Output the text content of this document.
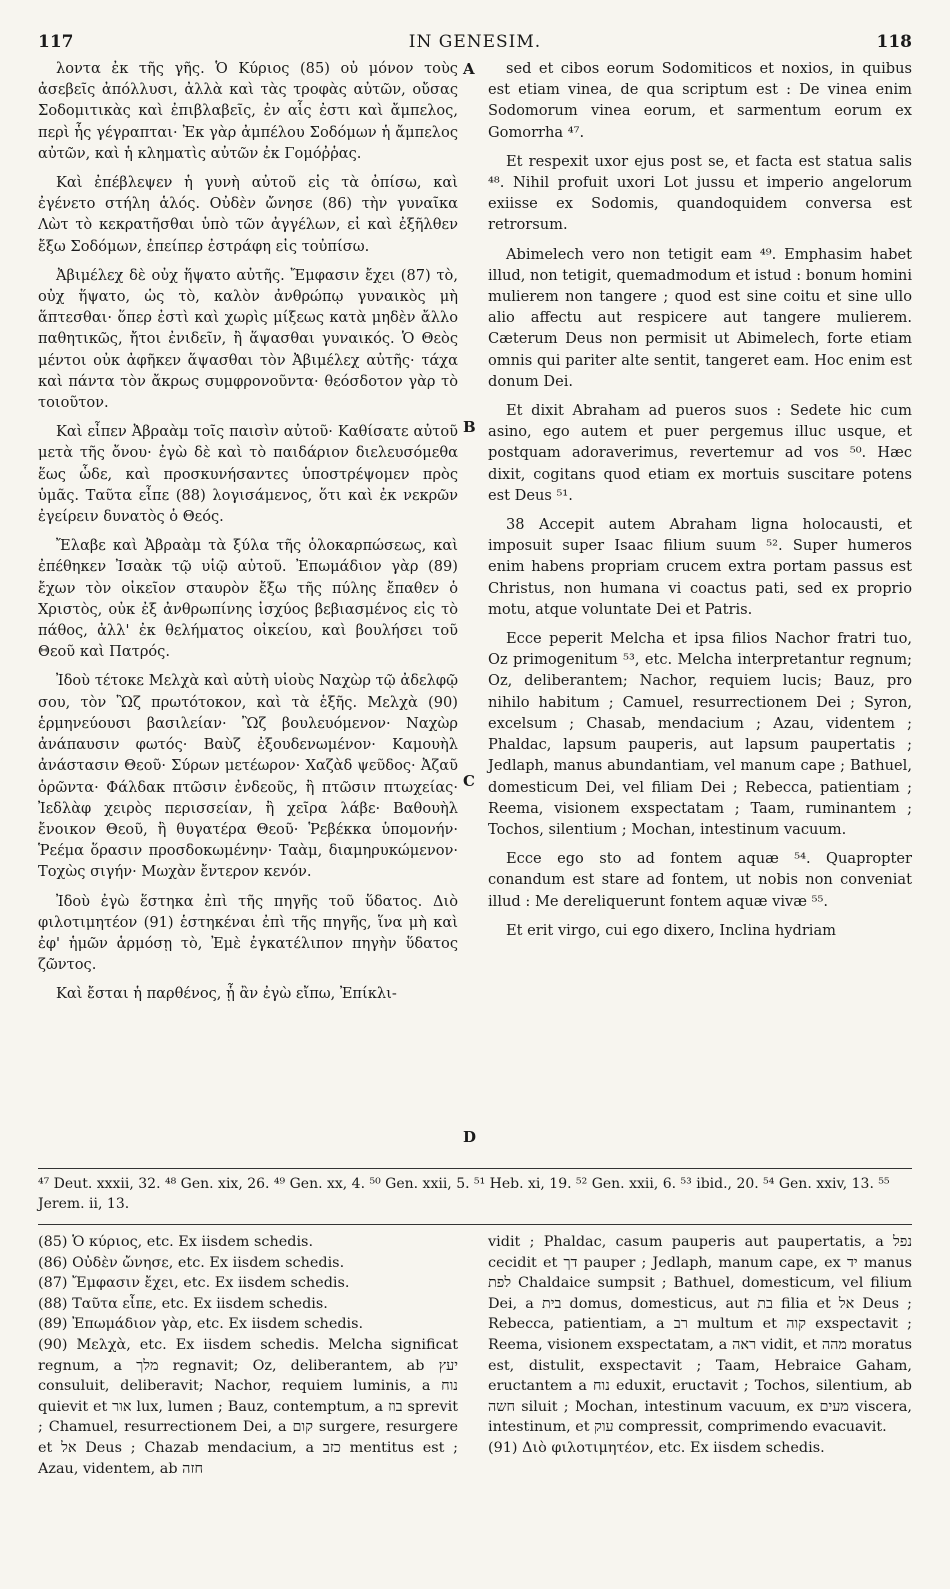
117	IN GENESIM.	118

λοντα ἐκ τῆς γῆς. Ὁ Κύριος (85) οὐ μόνον τοὺς ἀσεβεῖς ἀπόλλυσι, ἀλλὰ καὶ τὰς τροφὰς αὐτῶν, οὔσας Σοδομιτικὰς καὶ ἐπιβλαβεῖς, ἐν αἷς ἐστι καὶ ἄμπελος, περὶ ἧς γέγραπται· Ἐκ γὰρ ἀμπέλου Σοδόμων ἡ ἄμπελος αὐτῶν, καὶ ἡ κληματὶς αὐτῶν ἐκ Γομόῤῥας.

Καὶ ἐπέβλεψεν ἡ γυνὴ αὐτοῦ εἰς τὰ ὀπίσω, καὶ ἐγένετο στήλη ἁλός. Οὐδὲν ὤνησε (86) τὴν γυναῖκα Λὼτ τὸ κεκρατῆσθαι ὑπὸ τῶν ἀγγέλων, εἰ καὶ ἐξῆλθεν ἔξω Σοδόμων, ἐπείπερ ἐστράφη εἰς τοὐπίσω.

Ἀβιμέλεχ δὲ οὐχ ἥψατο αὐτῆς. Ἔμφασιν ἔχει (87) τὸ, οὐχ ἥψατο, ὡς τὸ, καλὸν ἀνθρώπῳ γυναικὸς μὴ ἅπτεσθαι· ὅπερ ἐστὶ καὶ χωρὶς μίξεως κατὰ μηδὲν ἄλλο παθητικῶς, ἤτοι ἐνιδεῖν, ἢ ἅψασθαι γυναικός. Ὁ Θεὸς μέντοι οὐκ ἀφῆκεν ἅψασθαι τὸν Ἀβιμέλεχ αὐτῆς· τάχα καὶ πάντα τὸν ἄκρως συμφρονοῦντα· θεόσδοτον γὰρ τὸ τοιοῦτον.

Καὶ εἶπεν Ἀβραὰμ τοῖς παισὶν αὐτοῦ· Καθίσατε αὐτοῦ μετὰ τῆς ὄνου· ἐγὼ δὲ καὶ τὸ παιδάριον διελευσόμεθα ἕως ὧδε, καὶ προσκυνήσαντες ὑποστρέψομεν πρὸς ὑμᾶς. Ταῦτα εἶπε (88) λογισάμενος, ὅτι καὶ ἐκ νεκρῶν ἐγείρειν δυνατὸς ὁ Θεός.

Ἔλαβε καὶ Ἀβραὰμ τὰ ξύλα τῆς ὁλοκαρπώσεως, καὶ ἐπέθηκεν Ἰσαὰκ τῷ υἱῷ αὐτοῦ. Ἐπωμάδιον γὰρ (89) ἔχων τὸν οἰκεῖον σταυρὸν ἔξω τῆς πύλης ἔπαθεν ὁ Χριστὸς, οὐκ ἐξ ἀνθρωπίνης ἰσχύος βεβιασμένος εἰς τὸ πάθος, ἀλλ' ἐκ θελήματος οἰκείου, καὶ βουλήσει τοῦ Θεοῦ καὶ Πατρός.

Ἰδοὺ τέτοκε Μελχὰ καὶ αὐτὴ υἱοὺς Ναχὼρ τῷ ἀδελφῷ σου, τὸν Ὢζ πρωτότοκον, καὶ τὰ ἑξῆς. Μελχὰ (90) ἑρμηνεύουσι βασιλείαν· Ὢζ βουλευόμενον· Ναχὼρ ἀνάπαυσιν φωτός· Βαὺζ ἐξουδενωμένον· Καμουὴλ ἀνάστασιν Θεοῦ· Σύρων μετέωρον· Χαζὰδ ψεῦδος· Ἀζαῦ ὁρῶντα· Φάλδακ πτῶσιν ἐνδεοῦς, ἢ πτῶσιν πτωχείας· Ἰεδλὰφ χειρὸς περισσείαν, ἢ χεῖρα λάβε· Βαθουὴλ ἔνοικον Θεοῦ, ἢ θυγατέρα Θεοῦ· Ῥεβέκκα ὑπομονήν· Ῥεέμα ὅρασιν προσδοκωμένην· Ταὰμ, διαμηρυκώμενον· Τοχὼς σιγήν· Μωχὰν ἔντερον κενόν.

Ἰδοὺ ἐγὼ ἕστηκα ἐπὶ τῆς πηγῆς τοῦ ὕδατος. Διὸ φιλοτιμητέον (91) ἑστηκέναι ἐπὶ τῆς πηγῆς, ἵνα μὴ καὶ ἐφ' ἡμῶν ἁρμόσῃ τὸ, Ἐμὲ ἐγκατέλιπον πηγὴν ὕδατος ζῶντος.

Καὶ ἔσται ἡ παρθένος, ᾗ ἂν ἐγὼ εἴπω, Ἐπίκλι-

A
B
C
D

sed et cibos eorum Sodomiticos et noxios, in quibus est etiam vinea, de qua scriptum est : De vinea enim Sodomorum vinea eorum, et sarmentum eorum ex Gomorrha ⁴⁷.

Et respexit uxor ejus post se, et facta est statua salis ⁴⁸. Nihil profuit uxori Lot jussu et imperio angelorum exiisse ex Sodomis, quandoquidem conversa est retrorsum.

Abimelech vero non tetigit eam ⁴⁹. Emphasim habet illud, non tetigit, quemadmodum et istud : bonum homini mulierem non tangere ; quod est sine coitu et sine ullo alio affectu aut respicere aut tangere mulierem. Cæterum Deus non permisit ut Abimelech, forte etiam omnis qui pariter alte sentit, tangeret eam. Hoc enim est donum Dei.

Et dixit Abraham ad pueros suos : Sedete hic cum asino, ego autem et puer pergemus illuc usque, et postquam adoraverimus, revertemur ad vos ⁵⁰. Hæc dixit, cogitans quod etiam ex mortuis suscitare potens est Deus ⁵¹.

38 Accepit autem Abraham ligna holocausti, et imposuit super Isaac filium suum ⁵². Super humeros enim habens propriam crucem extra portam passus est Christus, non humana vi coactus pati, sed ex proprio motu, atque voluntate Dei et Patris.

Ecce peperit Melcha et ipsa filios Nachor fratri tuo, Oz primogenitum ⁵³, etc. Melcha interpretantur regnum; Oz, deliberantem; Nachor, requiem lucis; Bauz, pro nihilo habitum ; Camuel, resurrectionem Dei ; Syron, excelsum ; Chasab, mendacium ; Azau, videntem ; Phaldac, lapsum pauperis, aut lapsum paupertatis ; Jedlaph, manus abundantiam, vel manum cape ; Bathuel, domesticum Dei, vel filiam Dei ; Rebecca, patientiam ; Reema, visionem exspectatam ; Taam, ruminantem ; Tochos, silentium ; Mochan, intestinum vacuum.

Ecce ego sto ad fontem aquæ ⁵⁴. Quapropter conandum est stare ad fontem, ut nobis non conveniat illud : Me dereliquerunt fontem aquæ vivæ ⁵⁵.

Et erit virgo, cui ego dixero, Inclina hydriam

⁴⁷ Deut. xxxii, 32. ⁴⁸ Gen. xix, 26. ⁴⁹ Gen. xx, 4. ⁵⁰ Gen. xxii, 5. ⁵¹ Heb. xi, 19. ⁵² Gen. xxii, 6. ⁵³ ibid., 20. ⁵⁴ Gen. xxiv, 13. ⁵⁵ Jerem. ii, 13.

(85) Ὁ κύριος, etc. Ex iisdem schedis.

(86) Οὐδὲν ὤνησε, etc. Ex iisdem schedis.

(87) Ἔμφασιν ἔχει, etc. Ex iisdem schedis.

(88) Ταῦτα εἶπε, etc. Ex iisdem schedis.

(89) Ἐπωμάδιον γὰρ, etc. Ex iisdem schedis.

(90) Μελχὰ, etc. Ex iisdem schedis. Melcha significat regnum, a מלך regnavit; Oz, deliberantem, ab יעץ consuluit, deliberavit; Nachor, requiem luminis, a נוח quievit et אור lux, lumen ; Bauz, contemptum, a בוז sprevit ; Chamuel, resurrectionem Dei, a קום surgere, resurgere et אל Deus ; Chazab mendacium, a כזב mentitus est ; Azau, videntem, ab חזה

vidit ; Phaldac, casum pauperis aut paupertatis, a נפל cecidit et דך pauper ; Jedlaph, manum cape, ex יד manus לפת Chaldaice sumpsit ; Bathuel, domesticum, vel filium Dei, a בית domus, domesticus, aut בת filia et אל Deus ; Rebecca, patientiam, a רב multum et קוה exspectavit ; Reema, visionem exspectatam, a ראה vidit, et מהה moratus est, distulit, exspectavit ; Taam, Hebraice Gaham, eructantem a נוח eduxit, eructavit ; Tochos, silentium, ab חשה siluit ; Mochan, intestinum vacuum, ex מעים viscera, intestinum, et עוק compressit, comprimendo evacuavit.

(91) Διὸ φιλοτιμητέον, etc. Ex iisdem schedis.
